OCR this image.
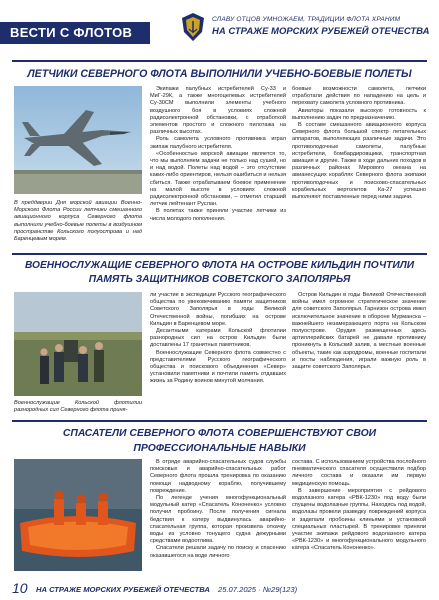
ВЕСТИ С ФЛОТОВ
СЛАВУ ОТЦОВ УМНОЖАЕМ, ТРАДИЦИИ ФЛОТА ХРАНИМ
НА СТРАЖЕ МОРСКИХ РУБЕЖЕЙ ОТЕЧЕСТВА
ЛЕТЧИКИ СЕВЕРНОГО ФЛОТА ВЫПОЛНИЛИ УЧЕБНО-БОЕВЫЕ ПОЛЕТЫ
В преддверии Дня морской авиации Военно-Морского Флота России летчики смешанного авиационного корпуса Северного флота выполнили учебно-боевые полеты в воздушном пространстве Кольского полуострова и над Баренцевым морем.

Экипажи палубных истребителей Су-33 и МиГ-29К, а также многоцелевых истребителей Су-30СМ выполнили элементы учебного воздушного боя в условиях сложной радиоэлектронной обстановки, с отработкой элементов простого и сложного пилотажа на различных высотах.

Роль самолета условного противника играл экипаж палубного истребителя.

«Особенностью морской авиации является то, что мы выполняем задачи не только над сушей, но и над водой. Полеты над водой – это отсутствие каких-либо ориентиров, нельзя ошибиться и нельзя сбиться. Также отрабатываем боевое применение на малой высоте в условиях сложной радиоэлектронной обстановки, – отметил старший летчик лейтенант Руслан.

В полетах также приняли участие летчики из числа молодого пополнения.

боевые возможности самолета, летчики отработали действия по нападению на цель и перехвату самолета условного противника.

Авиаторы показали высокую готовность к выполнению задач по предназначению.

В составе смешанного авиационного корпуса Северного флота большой спектр летательных аппаратов, выполняющих различные задачи. Это противолодочные самолеты, палубные истребители, бомбардировщики, транспортная авиация и другие. Также в ходе дальних походов в различных районах Мирового океана на авианесущих кораблях Северного флота экипажи противолодочных и поисково-спасательных корабельных вертолетов Ка-27 успешно выполняют поставленные перед ними задачи.

ВОЕННОСЛУЖАЩИЕ СЕВЕРНОГО ФЛОТА НА ОСТРОВЕ КИЛЬДИН ПОЧТИЛИ ПАМЯТЬ ЗАЩИТНИКОВ СОВЕТСКОГО ЗАПОЛЯРЬЯ
Военнослужащие Кольской флотилии разнородных сил Северного флота приня-

ли участие в экспедиции Русского географического общества по увековечиванию памяти защитников Советского Заполярья в годы Великой Отечественной войны, погибших на острове Кильдин в Баренцевом море.

Десантными катерами Кольской флотилии разнородных сил на остров Кильдин были доставлены 17 гранитных памятников.

Военнослужащие Северного флота совместно с представителями Русского географического общества и поискового объединения «Север» установили памятники и почтили память отдавших жизнь за Родину воинов минутой молчания.

Остров Кильдин в годы Великой Отечественной войны имел огромное стратегическое значение для советского Заполярья. Гарнизон острова имел исключительное значение в обороне Мурманска – важнейшего незамерзающего порта на Кольском полуострове. Орудия размещенных здесь артиллерийских батарей не давали противнику проникнуть в Кольский залив, а местные военные объекты, такие как аэродромы, военные госпитали и посты наблюдения, играли важную роль в защите советского Заполярья.

СПАСАТЕЛИ СЕВЕРНОГО ФЛОТА СОВЕРШЕНСТВУЮТ СВОИ ПРОФЕССИОНАЛЬНЫЕ НАВЫКИ

В отряде аварийно-спасательных судов службы поисковых и аварийно-спасательных работ Северного флота прошла тренировка по оказанию помощи надводному кораблю, получившему повреждение.

По легенде учения многофункциональный модульный катер «Спасатель Кононенко» условно получил пробоину. После получения сигнала бедствия к катеру выдвинулась аварийно-спасательная группа, которая произвела откачку воды из условно тонущего судна дежурными средствами водоотлива.

Спасатели решали задачу по поиску и спасению оказавшегося на воде личного

состава. С использованием устройства послойного пневматического спасателя осуществили подбор личного состава и оказали им первую медицинскую помощь.

В завершение мероприятия с рейдового водолазного катера «РВК-1230» под воду были спущены водолазные группы. Находясь под водой, водолазы провели разведку повреждений корпуса и заделали пробоины клиньями и установкой специальных пластырей. В тренировке приняли участие экипажи рейдового водолазного катера «РВК-1230» и многофункционального модульного катера «Спасатель Кононенко».

10 НА СТРАЖЕ МОРСКИХ РУБЕЖЕЙ ОТЕЧЕСТВА 25.07.2025 · №29(123)
